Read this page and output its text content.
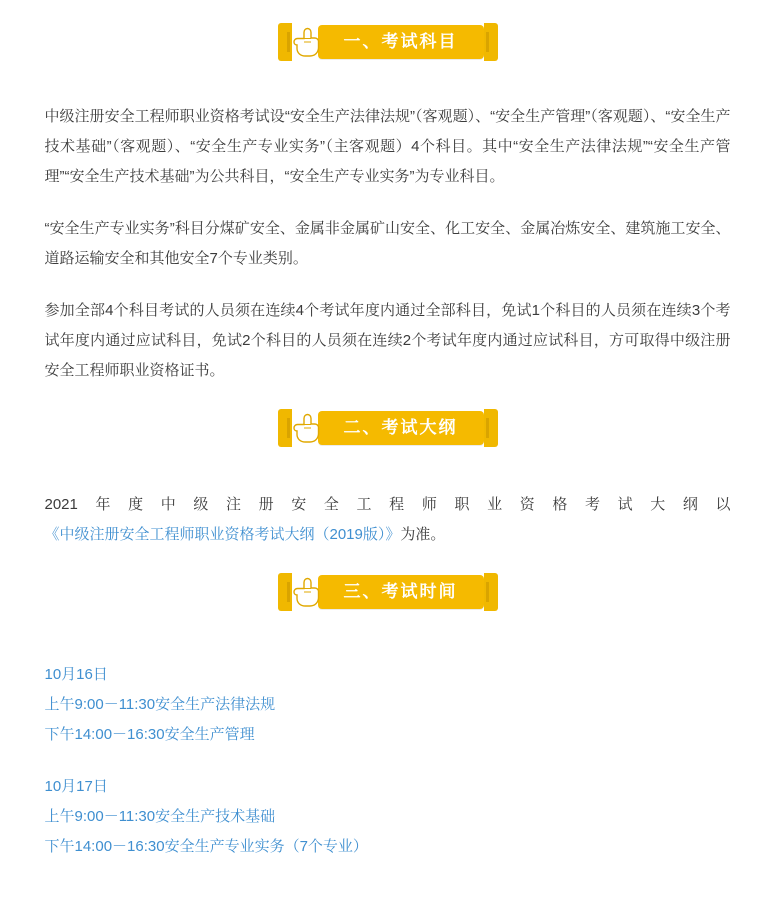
一、考试科目

中级注册安全工程师职业资格考试设“安全生产法律法规”（客观题）、“安全生产管理”（客观题）、“安全生产技术基础”（客观题）、“安全生产专业实务”（主客观题）4个科目。其中“安全生产法律法规”“安全生产管理”“安全生产技术基础”为公共科目，“安全生产专业实务”为专业科目。

“安全生产专业实务”科目分煤矿安全、金属非金属矿山安全、化工安全、金属冶炼安全、建筑施工安全、道路运输安全和其他安全7个专业类别。

参加全部4个科目考试的人员须在连续4个考试年度内通过全部科目，免试1个科目的人员须在连续3个考试年度内通过应试科目，免试2个科目的人员须在连续2个考试年度内通过应试科目，方可取得中级注册安全工程师职业资格证书。

二、考试大纲

2021年度中级注册安全工程师职业资格考试大纲以《中级注册安全工程师职业资格考试大纲（2019版）》为准。

三、考试时间
10月16日
上午9:00－11:30安全生产法律法规
下午14:00－16:30安全生产管理
10月17日
上午9:00－11:30安全生产技术基础
下午14:00－16:30安全生产专业实务（7个专业）
